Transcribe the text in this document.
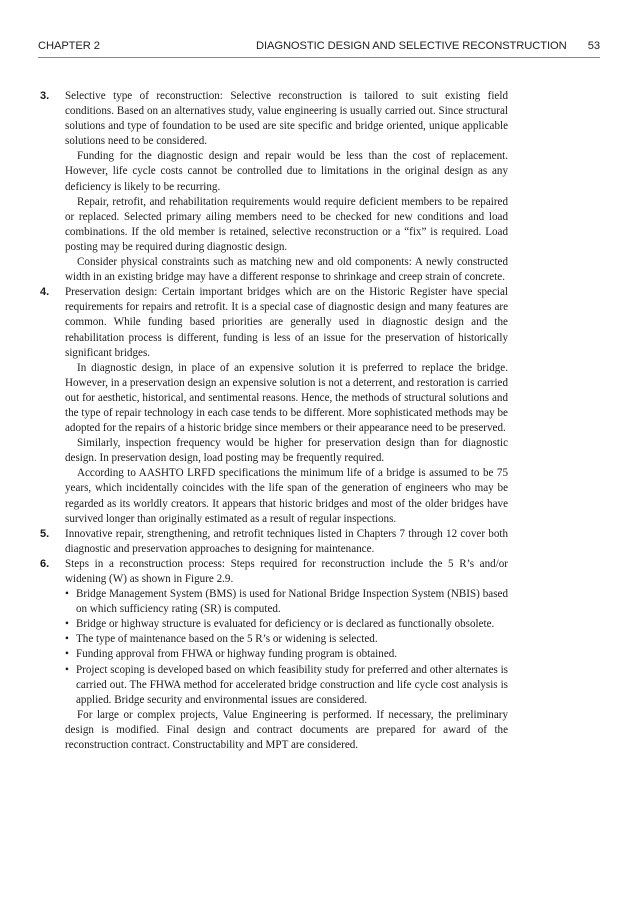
CHAPTER 2	DIAGNOSTIC DESIGN AND SELECTIVE RECONSTRUCTION 53
3. Selective type of reconstruction: Selective reconstruction is tailored to suit existing field conditions. Based on an alternatives study, value engineering is usually carried out. Since structural solutions and type of foundation to be used are site specific and bridge oriented, unique applicable solutions need to be considered.

Funding for the diagnostic design and repair would be less than the cost of replacement. However, life cycle costs cannot be controlled due to limitations in the original design as any deficiency is likely to be recurring.

Repair, retrofit, and rehabilitation requirements would require deficient members to be repaired or replaced. Selected primary ailing members need to be checked for new conditions and load combinations. If the old member is retained, selective reconstruction or a “fix” is required. Load posting may be required during diagnostic design.

Consider physical constraints such as matching new and old components: A newly constructed width in an existing bridge may have a different response to shrinkage and creep strain of concrete.

4. Preservation design: Certain important bridges which are on the Historic Register have special requirements for repairs and retrofit. It is a special case of diagnostic design and many features are common. While funding based priorities are generally used in diagnostic design and the rehabilitation process is different, funding is less of an issue for the preservation of historically significant bridges.

In diagnostic design, in place of an expensive solution it is preferred to replace the bridge. However, in a preservation design an expensive solution is not a deterrent, and restoration is carried out for aesthetic, historical, and sentimental reasons. Hence, the methods of structural solutions and the type of repair technology in each case tends to be different. More sophisticated methods may be adopted for the repairs of a historic bridge since members or their appearance need to be preserved.

Similarly, inspection frequency would be higher for preservation design than for diagnostic design. In preservation design, load posting may be frequently required.

According to AASHTO LRFD specifications the minimum life of a bridge is assumed to be 75 years, which incidentally coincides with the life span of the generation of engineers who may be regarded as its worldly creators. It appears that historic bridges and most of the older bridges have survived longer than originally estimated as a result of regular inspections.

5. Innovative repair, strengthening, and retrofit techniques listed in Chapters 7 through 12 cover both diagnostic and preservation approaches to designing for maintenance.

6. Steps in a reconstruction process: Steps required for reconstruction include the 5 R’s and/or widening (W) as shown in Figure 2.9.

• Bridge Management System (BMS) is used for National Bridge Inspection System (NBIS) based on which sufficiency rating (SR) is computed.
• Bridge or highway structure is evaluated for deficiency or is declared as functionally obsolete.
• The type of maintenance based on the 5 R’s or widening is selected.
• Funding approval from FHWA or highway funding program is obtained.
• Project scoping is developed based on which feasibility study for preferred and other alternates is carried out. The FHWA method for accelerated bridge construction and life cycle cost analysis is applied. Bridge security and environmental issues are considered.

For large or complex projects, Value Engineering is performed. If necessary, the preliminary design is modified. Final design and contract documents are prepared for award of the reconstruction contract. Constructability and MPT are considered.
